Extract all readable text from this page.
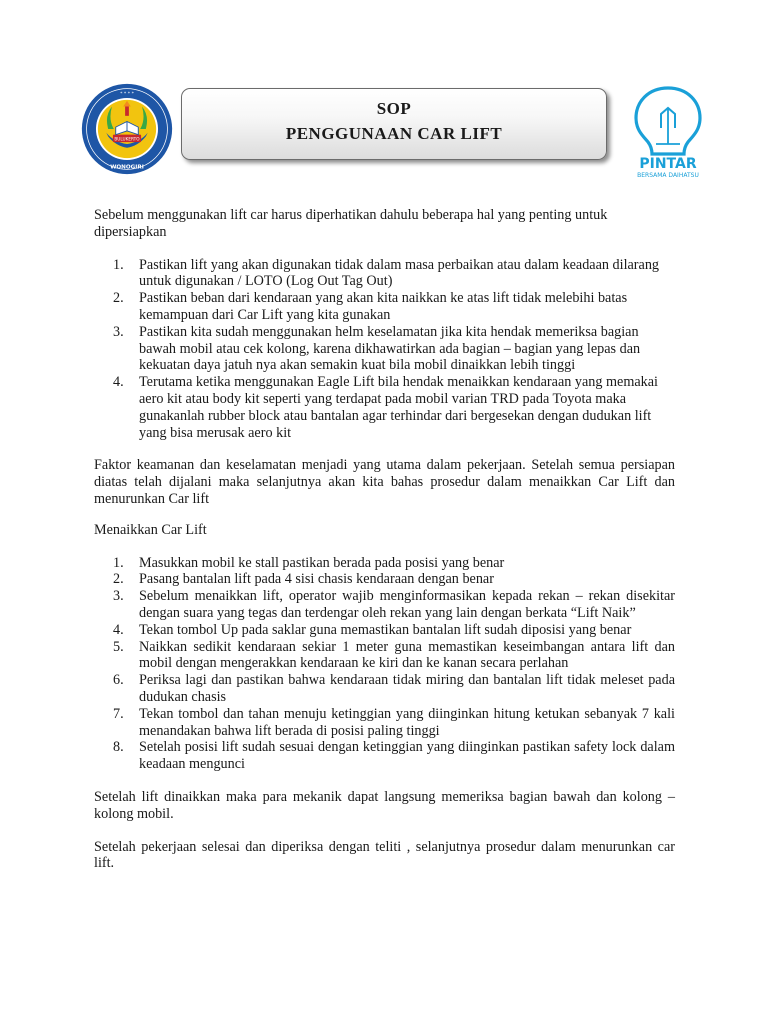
* * * *
BULUKERTO
WONOGIRI
SOP
PENGGUNAAN CAR LIFT
PINTAR
BERSAMA DAIHATSU

Sebelum menggunakan lift car harus diperhatikan dahulu beberapa hal yang penting untuk dipersiapkan

1. Pastikan lift yang akan digunakan tidak dalam masa perbaikan atau dalam keadaan dilarang untuk digunakan / LOTO (Log Out Tag Out)
2. Pastikan beban dari kendaraan yang akan kita naikkan ke atas lift tidak melebihi batas kemampuan dari Car Lift yang kita gunakan
3. Pastikan kita sudah menggunakan helm keselamatan jika kita hendak memeriksa bagian bawah mobil atau cek kolong, karena dikhawatirkan ada bagian – bagian yang lepas dan kekuatan daya jatuh nya akan semakin kuat bila mobil dinaikkan lebih tinggi
4. Terutama ketika menggunakan Eagle Lift bila hendak menaikkan kendaraan yang memakai aero kit atau body kit seperti yang terdapat pada mobil varian TRD pada Toyota maka gunakanlah rubber block atau bantalan agar terhindar dari bergesekan dengan dudukan lift yang bisa merusak aero kit

Faktor keamanan dan keselamatan menjadi yang utama dalam pekerjaan. Setelah semua persiapan diatas telah dijalani maka selanjutnya akan kita bahas prosedur dalam menaikkan Car Lift dan menurunkan Car lift

Menaikkan Car Lift

1. Masukkan mobil ke stall pastikan berada pada posisi yang benar
2. Pasang bantalan lift pada 4 sisi chasis kendaraan dengan benar
3. Sebelum menaikkan lift, operator wajib menginformasikan kepada rekan – rekan disekitar dengan suara yang tegas dan terdengar oleh rekan yang lain dengan berkata “Lift Naik”
4. Tekan tombol Up pada saklar guna memastikan bantalan lift sudah diposisi yang benar
5. Naikkan sedikit kendaraan sekiar 1 meter guna memastikan keseimbangan antara lift dan mobil dengan mengerakkan kendaraan ke kiri dan ke kanan secara perlahan
6. Periksa lagi dan pastikan bahwa kendaraan tidak miring dan bantalan lift tidak meleset pada dudukan chasis
7. Tekan tombol dan tahan menuju ketinggian yang diinginkan hitung ketukan sebanyak 7 kali menandakan bahwa lift berada di posisi paling tinggi
8. Setelah posisi lift sudah sesuai dengan ketinggian yang diinginkan pastikan safety lock dalam keadaan mengunci

Setelah lift dinaikkan maka para mekanik dapat langsung memeriksa bagian bawah dan kolong – kolong mobil.

Setelah pekerjaan selesai dan diperiksa dengan teliti , selanjutnya prosedur dalam menurunkan car lift.
